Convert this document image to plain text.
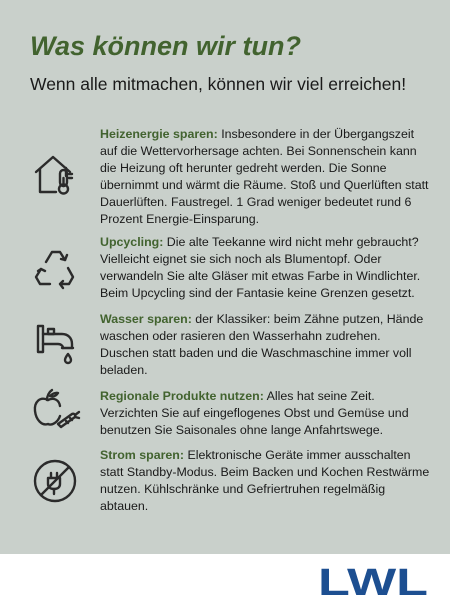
Was können wir tun?

Wenn alle mitmachen, können wir viel erreichen!

Heizenergie sparen: Insbesondere in der Übergangszeit auf die Wettervorhersage achten. Bei Sonnenschein kann die Heizung oft herunter gedreht werden. Die Sonne übernimmt und wärmt die Räume. Stoß und Querlüften statt Dauerlüften. Faustregel. 1 Grad weniger bedeutet rund 6 Prozent Energie-Einsparung.
Upcycling: Die alte Teekanne wird nicht mehr gebraucht? Vielleicht eignet sie sich noch als Blumentopf. Oder verwandeln Sie alte Gläser mit etwas Farbe in Windlichter. Beim Upcycling sind der Fantasie keine Grenzen gesetzt.
Wasser sparen: der Klassiker: beim Zähne putzen, Hände waschen oder rasieren den Wasserhahn zudrehen. Duschen statt baden und die Waschmaschine immer voll beladen.
Regionale Produkte nutzen: Alles hat seine Zeit. Verzichten Sie auf eingeflogenes Obst und Gemüse und benutzen Sie Saisonales ohne lange Anfahrtswege.
Strom sparen: Elektronische Geräte immer ausschalten statt Standby-Modus. Beim Backen und Kochen Restwärme nutzen. Kühlschränke und Gefriertruhen regelmäßig abtauen.
LWL
